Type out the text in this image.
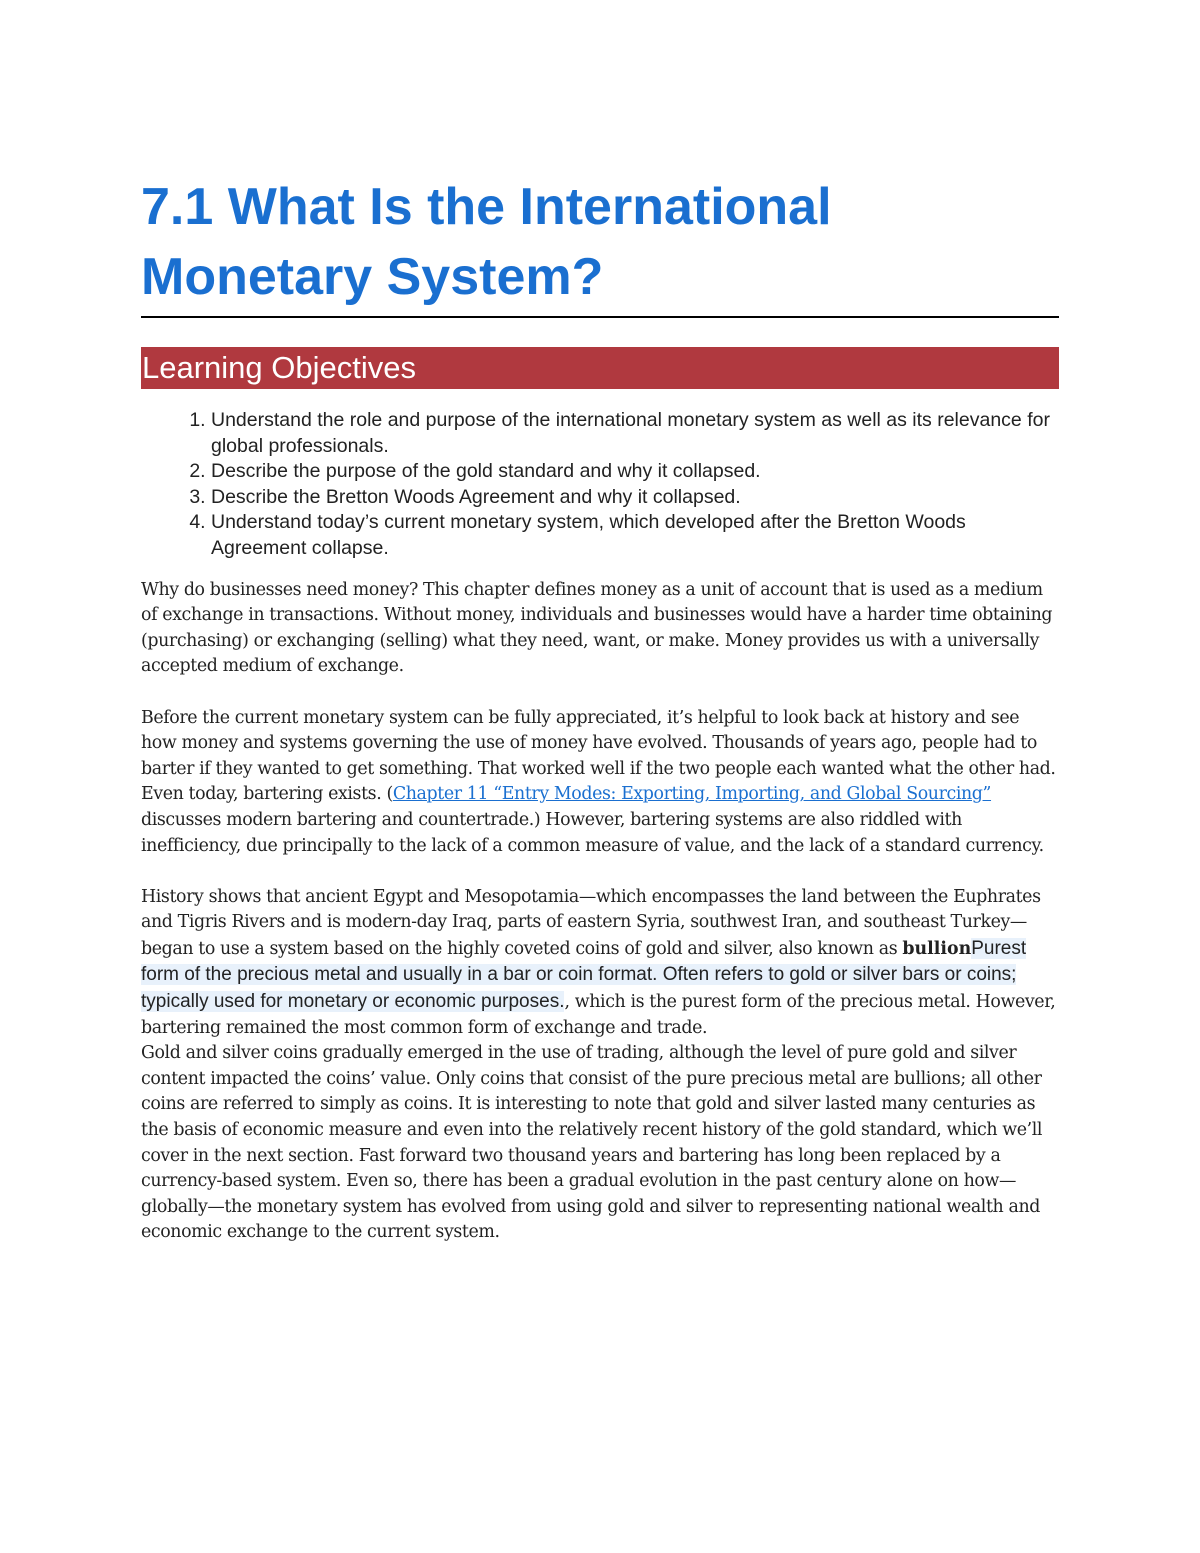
7.1 What Is the International Monetary System?
Learning Objectives
1. Understand the role and purpose of the international monetary system as well as its relevance for global professionals.
2. Describe the purpose of the gold standard and why it collapsed.
3. Describe the Bretton Woods Agreement and why it collapsed.
4. Understand today’s current monetary system, which developed after the Bretton Woods Agreement collapse.

Why do businesses need money? This chapter defines money as a unit of account that is used as a medium of exchange in transactions. Without money, individuals and businesses would have a harder time obtaining (purchasing) or exchanging (selling) what they need, want, or make. Money provides us with a universally accepted medium of exchange.

Before the current monetary system can be fully appreciated, it’s helpful to look back at history and see how money and systems governing the use of money have evolved. Thousands of years ago, people had to barter if they wanted to get something. That worked well if the two people each wanted what the other had. Even today, bartering exists. (Chapter 11 “Entry Modes: Exporting, Importing, and Global Sourcing” discusses modern bartering and countertrade.) However, bartering systems are also riddled with inefficiency, due principally to the lack of a common measure of value, and the lack of a standard currency.

History shows that ancient Egypt and Mesopotamia—which encompasses the land between the Euphrates and Tigris Rivers and is modern-day Iraq, parts of eastern Syria, southwest Iran, and southeast Turkey—began to use a system based on the highly coveted coins of gold and silver, also known as bullionPurest form of the precious metal and usually in a bar or coin format. Often refers to gold or silver bars or coins; typically used for monetary or economic purposes., which is the purest form of the precious metal. However, bartering remained the most common form of exchange and trade.

Gold and silver coins gradually emerged in the use of trading, although the level of pure gold and silver content impacted the coins’ value. Only coins that consist of the pure precious metal are bullions; all other coins are referred to simply as coins. It is interesting to note that gold and silver lasted many centuries as the basis of economic measure and even into the relatively recent history of the gold standard, which we’ll cover in the next section. Fast forward two thousand years and bartering has long been replaced by a currency-based system. Even so, there has been a gradual evolution in the past century alone on how—globally—the monetary system has evolved from using gold and silver to representing national wealth and economic exchange to the current system.
